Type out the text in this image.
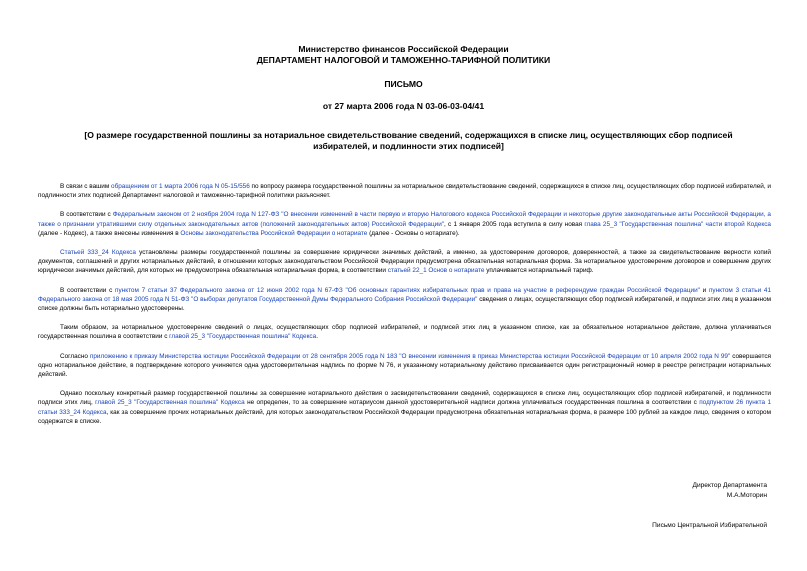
Министерство финансов Российской Федерации
ДЕПАРТАМЕНТ НАЛОГОВОЙ И ТАМОЖЕННО-ТАРИФНОЙ ПОЛИТИКИ
ПИСЬМО
от 27 марта 2006 года N 03-06-03-04/41
[О размере государственной пошлины за нотариальное свидетельствование сведений, содержащихся в списке лиц, осуществляющих сбор подписей избирателей, и подлинности этих подписей]

В связи с вашим обращением от 1 марта 2006 года N 05-15/556 по вопросу размера государственной пошлины за нотариальное свидетельствование сведений, содержащихся в списке лиц, осуществляющих сбор подписей избирателей, и подлинности этих подписей Департамент налоговой и таможенно-тарифной политики разъясняет.

В соответствии с Федеральным законом от 2 ноября 2004 года N 127-ФЗ "О внесении изменений в части первую и вторую Налогового кодекса Российской Федерации и некоторые другие законодательные акты Российской Федерации, а также о признании утратившими силу отдельных законодательных актов (положений законодательных актов) Российской Федерации", с 1 января 2005 года вступила в силу новая глава 25_3 "Государственная пошлина" части второй Кодекса (далее - Кодекс), а также внесены изменения в Основы законодательства Российской Федерации о нотариате (далее - Основы о нотариате).

Статьей 333_24 Кодекса установлены размеры государственной пошлины за совершение юридически значимых действий, а именно, за удостоверение договоров, доверенностей, а также за свидетельствование верности копий документов, соглашений и других нотариальных действий, в отношении которых законодательством Российской Федерации предусмотрена обязательная нотариальная форма. За нотариальное удостоверение договоров и совершение других юридически значимых действий, для которых не предусмотрена обязательная нотариальная форма, в соответствии статьей 22_1 Основ о нотариате уплачивается нотариальный тариф.

В соответствии с пунктом 7 статьи 37 Федерального закона от 12 июня 2002 года N 67-ФЗ "Об основных гарантиях избирательных прав и права на участие в референдуме граждан Российской Федерации" и пунктом 3 статьи 41 Федерального закона от 18 мая 2005 года N 51-ФЗ "О выборах депутатов Государственной Думы Федерального Собрания Российской Федерации" сведения о лицах, осуществляющих сбор подписей избирателей, и подписи этих лиц в указанном списке должны быть нотариально удостоверены.

Таким образом, за нотариальное удостоверение сведений о лицах, осуществляющих сбор подписей избирателей, и подписей этих лиц в указанном списке, как за обязательное нотариальное действие, должна уплачиваться государственная пошлина в соответствии с главой 25_3 "Государственная пошлина" Кодекса.

Согласно приложению к приказу Министерства юстиции Российской Федерации от 28 сентября 2005 года N 183 "О внесении изменения в приказ Министерства юстиции Российской Федерации от 10 апреля 2002 года N 99" совершается одно нотариальное действие, в подтверждение которого учиняется одна удостоверительная надпись по форме N 76, и указанному нотариальному действию присваивается один регистрационный номер в реестре регистрации нотариальных действий.

Однако поскольку конкретный размер государственной пошлины за совершение нотариального действия о засвидетельствовании сведений, содержащихся в списке лиц, осуществляющих сбор подписей избирателей, и подлинности подписи этих лиц, главой 25_3 "Государственная пошлина" Кодекса не определен, то за совершение нотариусом данной удостоверительной надписи должна уплачиваться государственная пошлина в соответствии с подпунктом 26 пункта 1 статьи 333_24 Кодекса, как за совершение прочих нотариальных действий, для которых законодательством Российской Федерации предусмотрена обязательная нотариальная форма, в размере 100 рублей за каждое лицо, сведения о котором содержатся в списке.

Директор Департамента
М.А.Моторин
Письмо Центральной Избирательной
